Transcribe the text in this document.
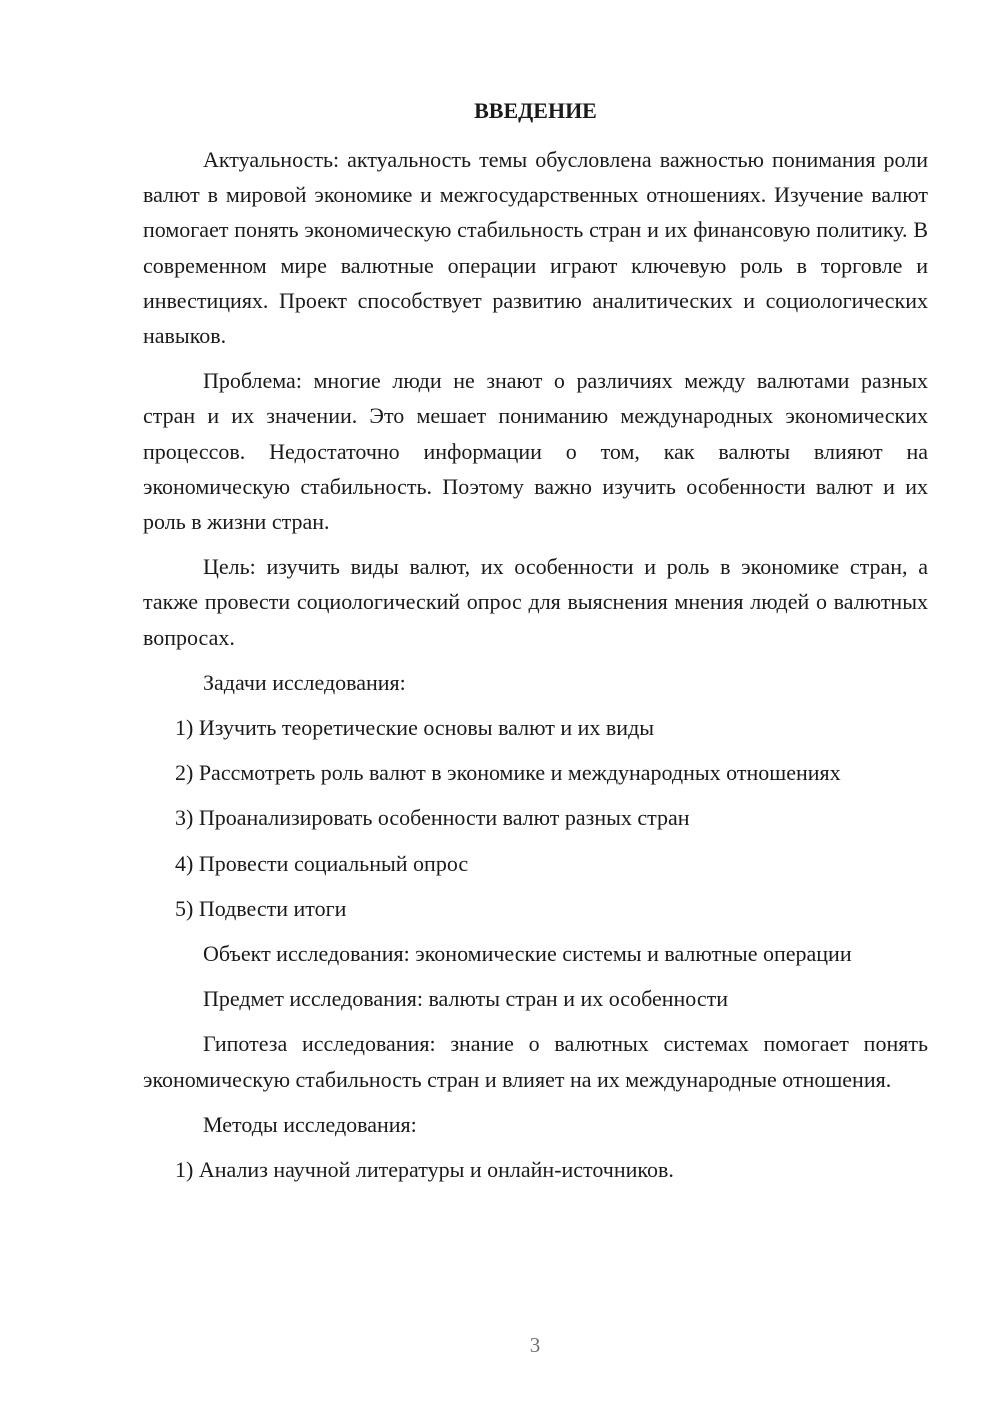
ВВЕДЕНИЕ
Актуальность: актуальность темы обусловлена важностью понимания роли валют в мировой экономике и межгосударственных отношениях. Изучение валют помогает понять экономическую стабильность стран и их финансовую политику. В современном мире валютные операции играют ключевую роль в торговле и инвестициях. Проект способствует развитию аналитических и социологических навыков.
Проблема: многие люди не знают о различиях между валютами разных стран и их значении. Это мешает пониманию международных экономических процессов. Недостаточно информации о том, как валюты влияют на экономическую стабильность. Поэтому важно изучить особенности валют и их роль в жизни стран.
Цель: изучить виды валют, их особенности и роль в экономике стран, а также провести социологический опрос для выяснения мнения людей о валютных вопросах.
Задачи исследования:
1) Изучить теоретические основы валют и их виды
2) Рассмотреть роль валют в экономике и международных отношениях
3) Проанализировать особенности валют разных стран
4) Провести социальный опрос
5) Подвести итоги
Объект исследования: экономические системы и валютные операции
Предмет исследования: валюты стран и их особенности
Гипотеза исследования: знание о валютных системах помогает понять экономическую стабильность стран и влияет на их международные отношения.
Методы исследования:
1) Анализ научной литературы и онлайн-источников.
3
